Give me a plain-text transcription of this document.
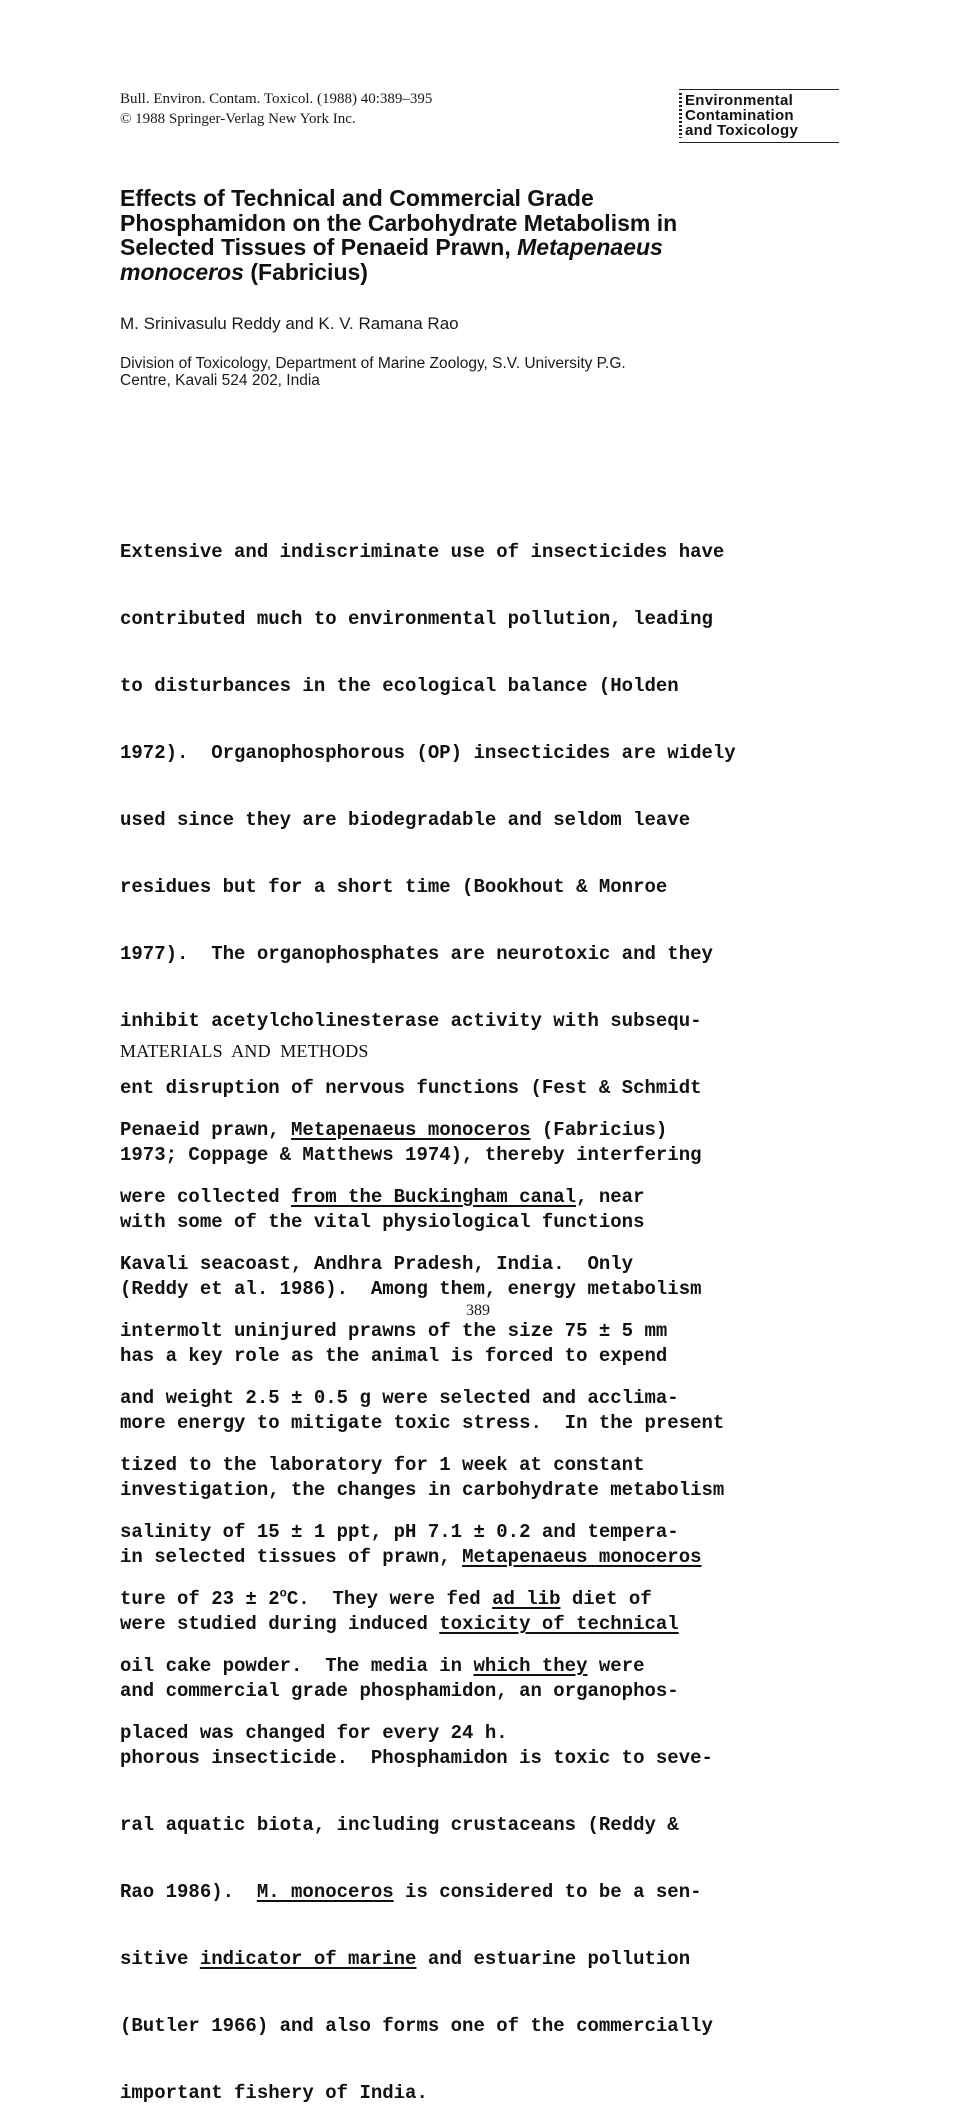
Bull. Environ. Contam. Toxicol. (1988) 40:389–395
© 1988 Springer-Verlag New York Inc.
Environmental
Contamination
and Toxicology
Effects of Technical and Commercial Grade
Phosphamidon on the Carbohydrate Metabolism in
Selected Tissues of Penaeid Prawn, Metapenaeus
monoceros (Fabricius)
M. Srinivasulu Reddy and K. V. Ramana Rao
Division of Toxicology, Department of Marine Zoology, S.V. University P.G.
Centre, Kavali 524 202, India

Extensive and indiscriminate use of insecticides have

contributed much to environmental pollution, leading

to disturbances in the ecological balance (Holden

1972).  Organophosphorous (OP) insecticides are widely

used since they are biodegradable and seldom leave

residues but for a short time (Bookhout & Monroe

1977).  The organophosphates are neurotoxic and they

inhibit acetylcholinesterase activity with subsequ-

ent disruption of nervous functions (Fest & Schmidt

1973; Coppage & Matthews 1974), thereby interfering

with some of the vital physiological functions

(Reddy et al. 1986).  Among them, energy metabolism

has a key role as the animal is forced to expend

more energy to mitigate toxic stress.  In the present

investigation, the changes in carbohydrate metabolism

in selected tissues of prawn, Metapenaeus monoceros

were studied during induced toxicity of technical

and commercial grade phosphamidon, an organophos-

phorous insecticide.  Phosphamidon is toxic to seve-

ral aquatic biota, including crustaceans (Reddy &

Rao 1986).  M. monoceros is considered to be a sen-

sitive indicator of marine and estuarine pollution

(Butler 1966) and also forms one of the commercially

important fishery of India.

MATERIALS  AND  METHODS

Penaeid prawn, Metapenaeus monoceros (Fabricius)

were collected from the Buckingham canal, near

Kavali seacoast, Andhra Pradesh, India.  Only

intermolt uninjured prawns of the size 75 ± 5 mm

and weight 2.5 ± 0.5 g were selected and acclima-

tized to the laboratory for 1 week at constant

salinity of 15 ± 1 ppt, pH 7.1 ± 0.2 and tempera-

ture of $23 \pm 2^oC$.  They were fed ad lib diet of

oil cake powder.  The media in which they were

placed was changed for every 24 h.

389
